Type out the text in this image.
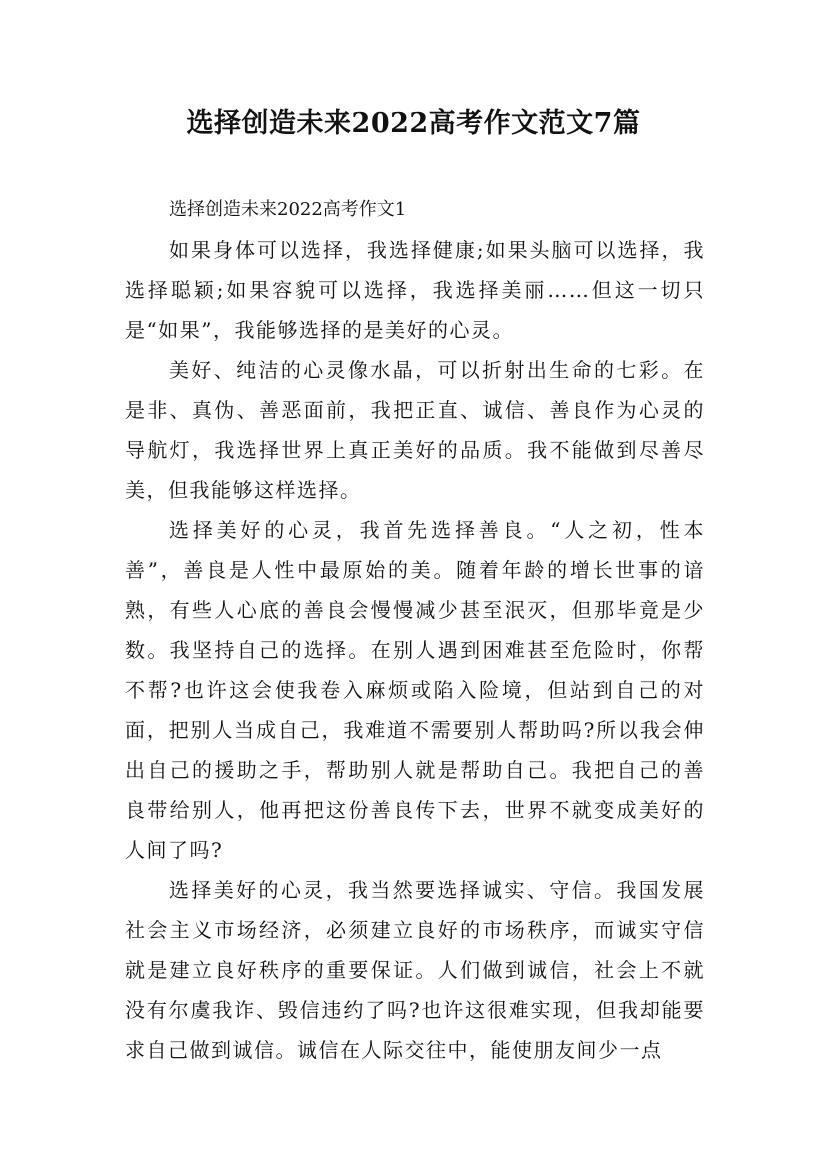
选择创造未来2022高考作文范文7篇
选择创造未来2022高考作文1

如果身体可以选择，我选择健康;如果头脑可以选择，我选择聪颖;如果容貌可以选择，我选择美丽……但这一切只是“如果”，我能够选择的是美好的心灵。

美好、纯洁的心灵像水晶，可以折射出生命的七彩。在是非、真伪、善恶面前，我把正直、诚信、善良作为心灵的导航灯，我选择世界上真正美好的品质。我不能做到尽善尽美，但我能够这样选择。

选择美好的心灵，我首先选择善良。“人之初，性本善”，善良是人性中最原始的美。随着年龄的增长世事的谙熟，有些人心底的善良会慢慢减少甚至泯灭，但那毕竟是少数。我坚持自己的选择。在别人遇到困难甚至危险时，你帮不帮?也许这会使我卷入麻烦或陷入险境，但站到自己的对面，把别人当成自己，我难道不需要别人帮助吗?所以我会伸出自己的援助之手，帮助别人就是帮助自己。我把自己的善良带给别人，他再把这份善良传下去，世界不就变成美好的人间了吗?

选择美好的心灵，我当然要选择诚实、守信。我国发展社会主义市场经济，必须建立良好的市场秩序，而诚实守信就是建立良好秩序的重要保证。人们做到诚信，社会上不就没有尔虞我诈、毁信违约了吗?也许这很难实现，但我却能要求自己做到诚信。诚信在人际交往中，能使朋友间少一点
